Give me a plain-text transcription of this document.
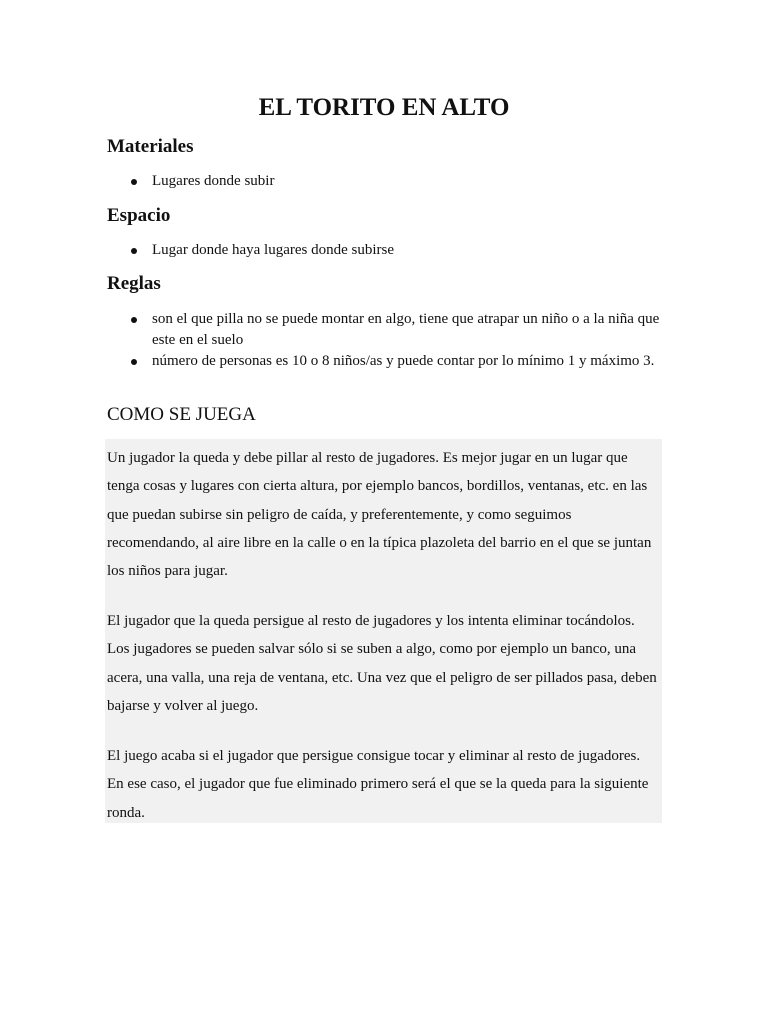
EL TORITO EN ALTO
Materiales
Lugares donde subir
Espacio
Lugar donde haya lugares donde subirse
Reglas
son el que pilla no se puede montar en algo, tiene que atrapar un niño o a la niña que este en el suelo
número de personas es 10 o 8 niños/as y puede contar por lo mínimo 1 y máximo 3.
COMO SE JUEGA

Un jugador la queda y debe pillar al resto de jugadores. Es mejor jugar en un lugar que tenga cosas y lugares con cierta altura, por ejemplo bancos, bordillos, ventanas, etc. en las que puedan subirse sin peligro de caída, y preferentemente, y como seguimos recomendando, al aire libre en la calle o en la típica plazoleta del barrio en el que se juntan los niños para jugar.

El jugador que la queda persigue al resto de jugadores y los intenta eliminar tocándolos. Los jugadores se pueden salvar sólo si se suben a algo, como por ejemplo un banco, una acera, una valla, una reja de ventana, etc. Una vez que el peligro de ser pillados pasa, deben bajarse y volver al juego.

El juego acaba si el jugador que persigue consigue tocar y eliminar al resto de jugadores. En ese caso, el jugador que fue eliminado primero será el que se la queda para la siguiente ronda.
